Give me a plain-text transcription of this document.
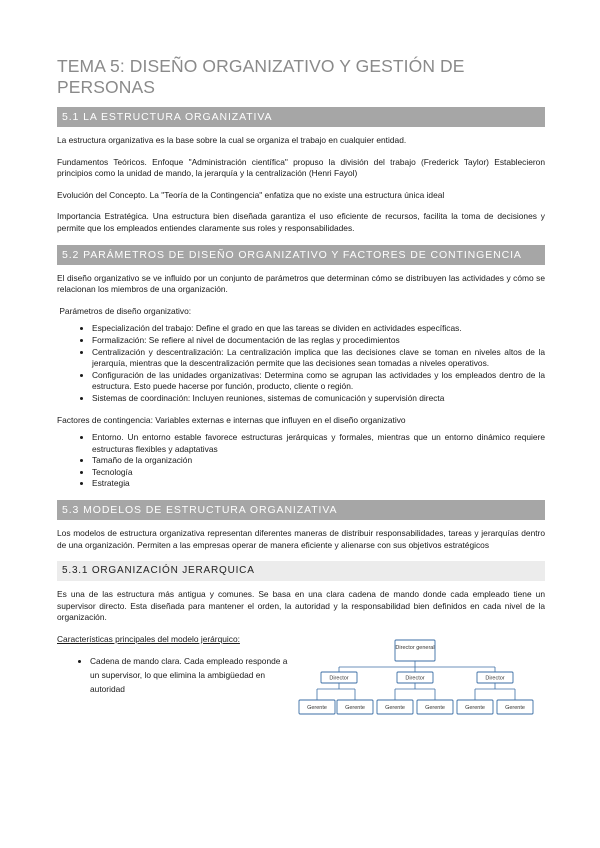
TEMA 5: DISEÑO ORGANIZATIVO Y GESTIÓN DE PERSONAS
5.1 LA ESTRUCTURA ORGANIZATIVA

La estructura organizativa es la base sobre la cual se organiza el trabajo en cualquier entidad.

Fundamentos Teóricos. Enfoque "Administración científica" propuso la división del trabajo (Frederick Taylor) Establecieron principios como la unidad de mando, la jerarquía y la centralización (Henri Fayol)

Evolución del Concepto. La "Teoría de la Contingencia" enfatiza que no existe una estructura única ideal

Importancia Estratégica. Una estructura bien diseñada garantiza el uso eficiente de recursos, facilita la toma de decisiones y permite que los empleados entiendes claramente sus roles y responsabilidades.

5.2 PARÁMETROS DE DISEÑO ORGANIZATIVO Y FACTORES DE CONTINGENCIA

El diseño organizativo se ve influido por un conjunto de parámetros que determinan cómo se distribuyen las actividades y cómo se relacionan los miembros de una organización.

Parámetros de diseño organizativo:

• Especialización del trabajo: Define el grado en que las tareas se dividen en actividades específicas.
• Formalización: Se refiere al nivel de documentación de las reglas y procedimientos
• Centralización y descentralización: La centralización implica que las decisiones clave se toman en niveles altos de la jerarquía, mientras que la descentralización permite que las decisiones sean tomadas a niveles operativos.
• Configuración de las unidades organizativas: Determina como se agrupan las actividades y los empleados dentro de la estructura. Esto puede hacerse por función, producto, cliente o región.
• Sistemas de coordinación: Incluyen reuniones, sistemas de comunicación y supervisión directa

Factores de contingencia: Variables externas e internas que influyen en el diseño organizativo

• Entorno. Un entorno estable favorece estructuras jerárquicas y formales, mientras que un entorno dinámico requiere estructuras flexibles y adaptativas
• Tamaño de la organización
• Tecnología
• Estrategia
5.3 MODELOS DE ESTRUCTURA ORGANIZATIVA

Los modelos de estructura organizativa representan diferentes maneras de distribuir responsabilidades, tareas y jerarquías dentro de una organización. Permiten a las empresas operar de manera eficiente y alienarse con sus objetivos estratégicos

5.3.1 ORGANIZACIÓN JERARQUICA

Es una de las estructura más antigua y comunes. Se basa en una clara cadena de mando donde cada empleado tiene un supervisor directo. Esta diseñada para mantener el orden, la autoridad y la responsabilidad bien definidos en cada nivel de la organización.

Características principales del modelo jerárquico:

• Cadena de mando clara. Cada empleado responde a un supervisor, lo que elimina la ambigüedad en autoridad
Director general
Director	Director	Director
Gerente	Gerente	Gerente	Gerente	Gerente	Gerente
